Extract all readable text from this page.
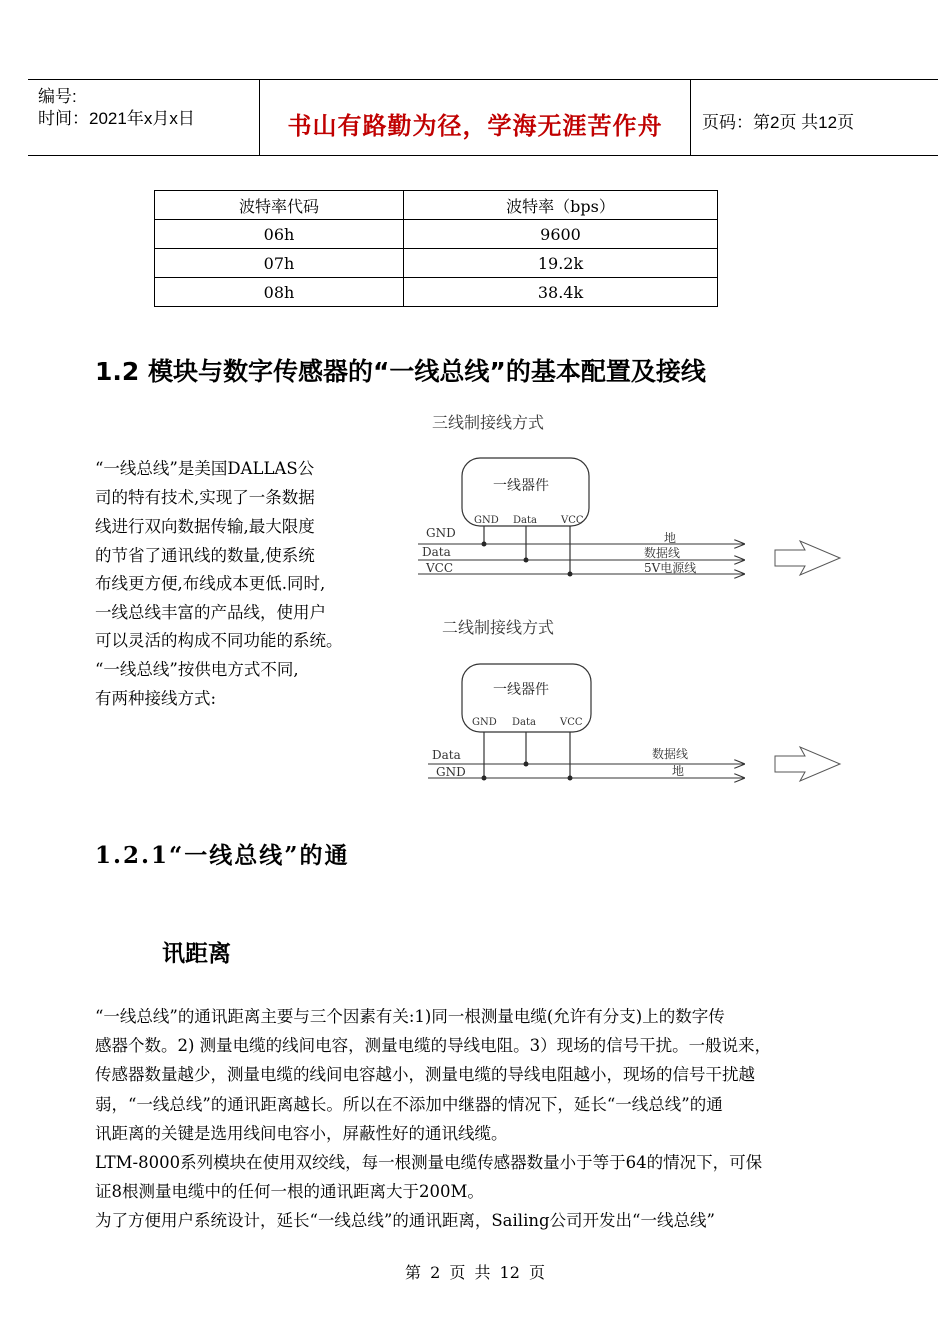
编号:
时间：2021年x月x日	书山有路勤为径，学海无涯苦作舟	页码：第2页 共12页
波特率代码	波特率（bps）
06h	9600
07h	19.2k
08h	38.4k
1.2 模块与数字传感器的“一线总线”的基本配置及接线
“一线总线”是美国DALLAS公
司的特有技术,实现了一条数据
线进行双向数据传输,最大限度
的节省了通讯线的数量,使系统
布线更方便,布线成本更低.同时,
一线总线丰富的产品线，使用户
可以灵活的构成不同功能的系统。
“一线总线”按供电方式不同,
有两种接线方式:
三线制接线方式
一线器件
GND Data VCC
GND
Data
VCC
地
数据线
5V电源线
二线制接线方式
一线器件
GND Data VCC
Data
GND
数据线
地
1.2.1“一线总线”的通
讯距离
“一线总线”的通讯距离主要与三个因素有关:1)同一根测量电缆(允许有分支)上的数字传
感器个数。2) 测量电缆的线间电容，测量电缆的导线电阻。3）现场的信号干扰。一般说来，
传感器数量越少，测量电缆的线间电容越小，测量电缆的导线电阻越小，现场的信号干扰越
弱，“一线总线”的通讯距离越长。所以在不添加中继器的情况下，延长“一线总线”的通
讯距离的关键是选用线间电容小，屏蔽性好的通讯线缆。
LTM-8000系列模块在使用双绞线，每一根测量电缆传感器数量小于等于64的情况下，可保
证8根测量电缆中的任何一根的通讯距离大于200M。
为了方便用户系统设计，延长“一线总线”的通讯距离，Sailing公司开发出“一线总线”
第 2 页 共 12 页
